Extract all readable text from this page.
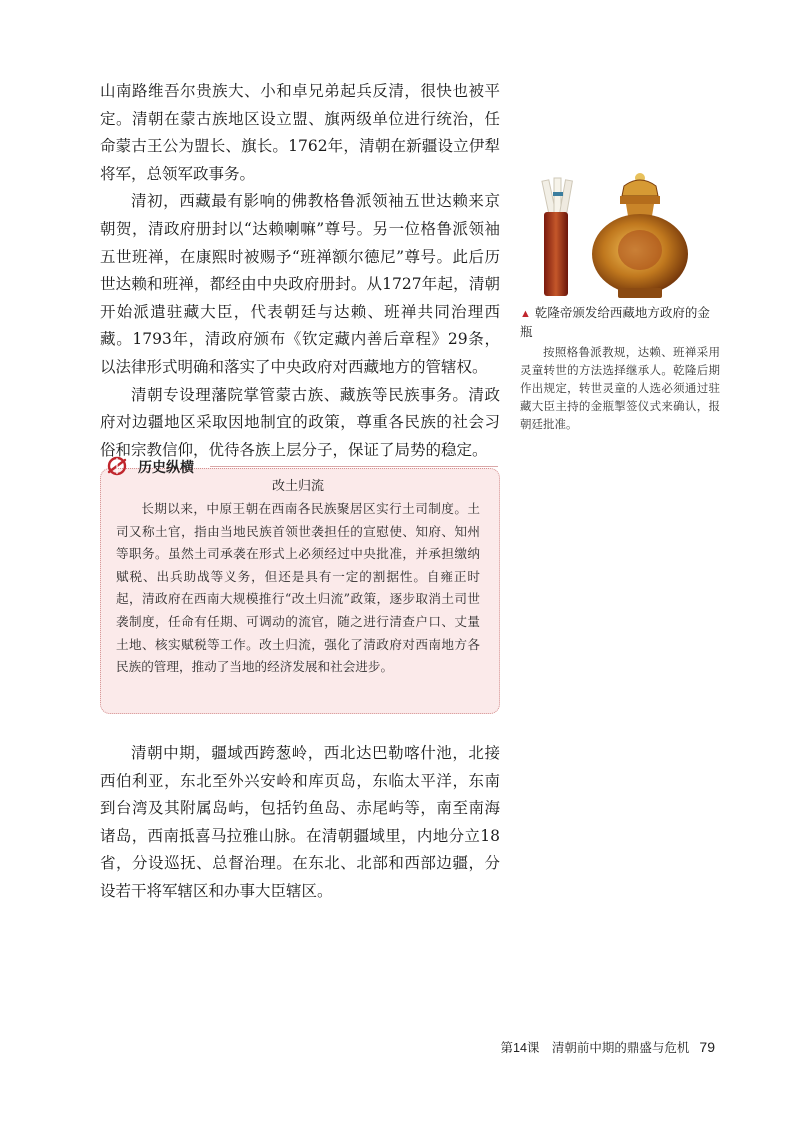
山南路维吾尔贵族大、小和卓兄弟起兵反清，很快也被平定。清朝在蒙古族地区设立盟、旗两级单位进行统治，任命蒙古王公为盟长、旗长。1762年，清朝在新疆设立伊犁将军，总领军政事务。

清初，西藏最有影响的佛教格鲁派领袖五世达赖来京朝贺，清政府册封以“达赖喇嘛”尊号。另一位格鲁派领袖五世班禅，在康熙时被赐予“班禅额尔德尼”尊号。此后历世达赖和班禅，都经由中央政府册封。从1727年起，清朝开始派遣驻藏大臣，代表朝廷与达赖、班禅共同治理西藏。1793年，清政府颁布《钦定藏内善后章程》29条，以法律形式明确和落实了中央政府对西藏地方的管辖权。

清朝专设理藩院掌管蒙古族、藏族等民族事务。清政府对边疆地区采取因地制宜的政策，尊重各民族的社会习俗和宗教信仰，优待各族上层分子，保证了局势的稳定。

▲ 乾隆帝颁发给西藏地方政府的金瓶

按照格鲁派教规，达赖、班禅采用灵童转世的方法选择继承人。乾隆后期作出规定，转世灵童的人选必须通过驻藏大臣主持的金瓶掣签仪式来确认，报朝廷批准。

历史纵横

改土归流

长期以来，中原王朝在西南各民族聚居区实行土司制度。土司又称土官，指由当地民族首领世袭担任的宣慰使、知府、知州等职务。虽然土司承袭在形式上必须经过中央批准，并承担缴纳赋税、出兵助战等义务，但还是具有一定的割据性。自雍正时起，清政府在西南大规模推行“改土归流”政策，逐步取消土司世袭制度，任命有任期、可调动的流官，随之进行清查户口、丈量土地、核实赋税等工作。改土归流，强化了清政府对西南地方各民族的管理，推动了当地的经济发展和社会进步。

清朝中期，疆域西跨葱岭，西北达巴勒喀什池，北接西伯利亚，东北至外兴安岭和库页岛，东临太平洋，东南到台湾及其附属岛屿，包括钓鱼岛、赤尾屿等，南至南海诸岛，西南抵喜马拉雅山脉。在清朝疆域里，内地分立18省，分设巡抚、总督治理。在东北、北部和西部边疆，分设若干将军辖区和办事大臣辖区。

第14课　清朝前中期的鼎盛与危机 79
